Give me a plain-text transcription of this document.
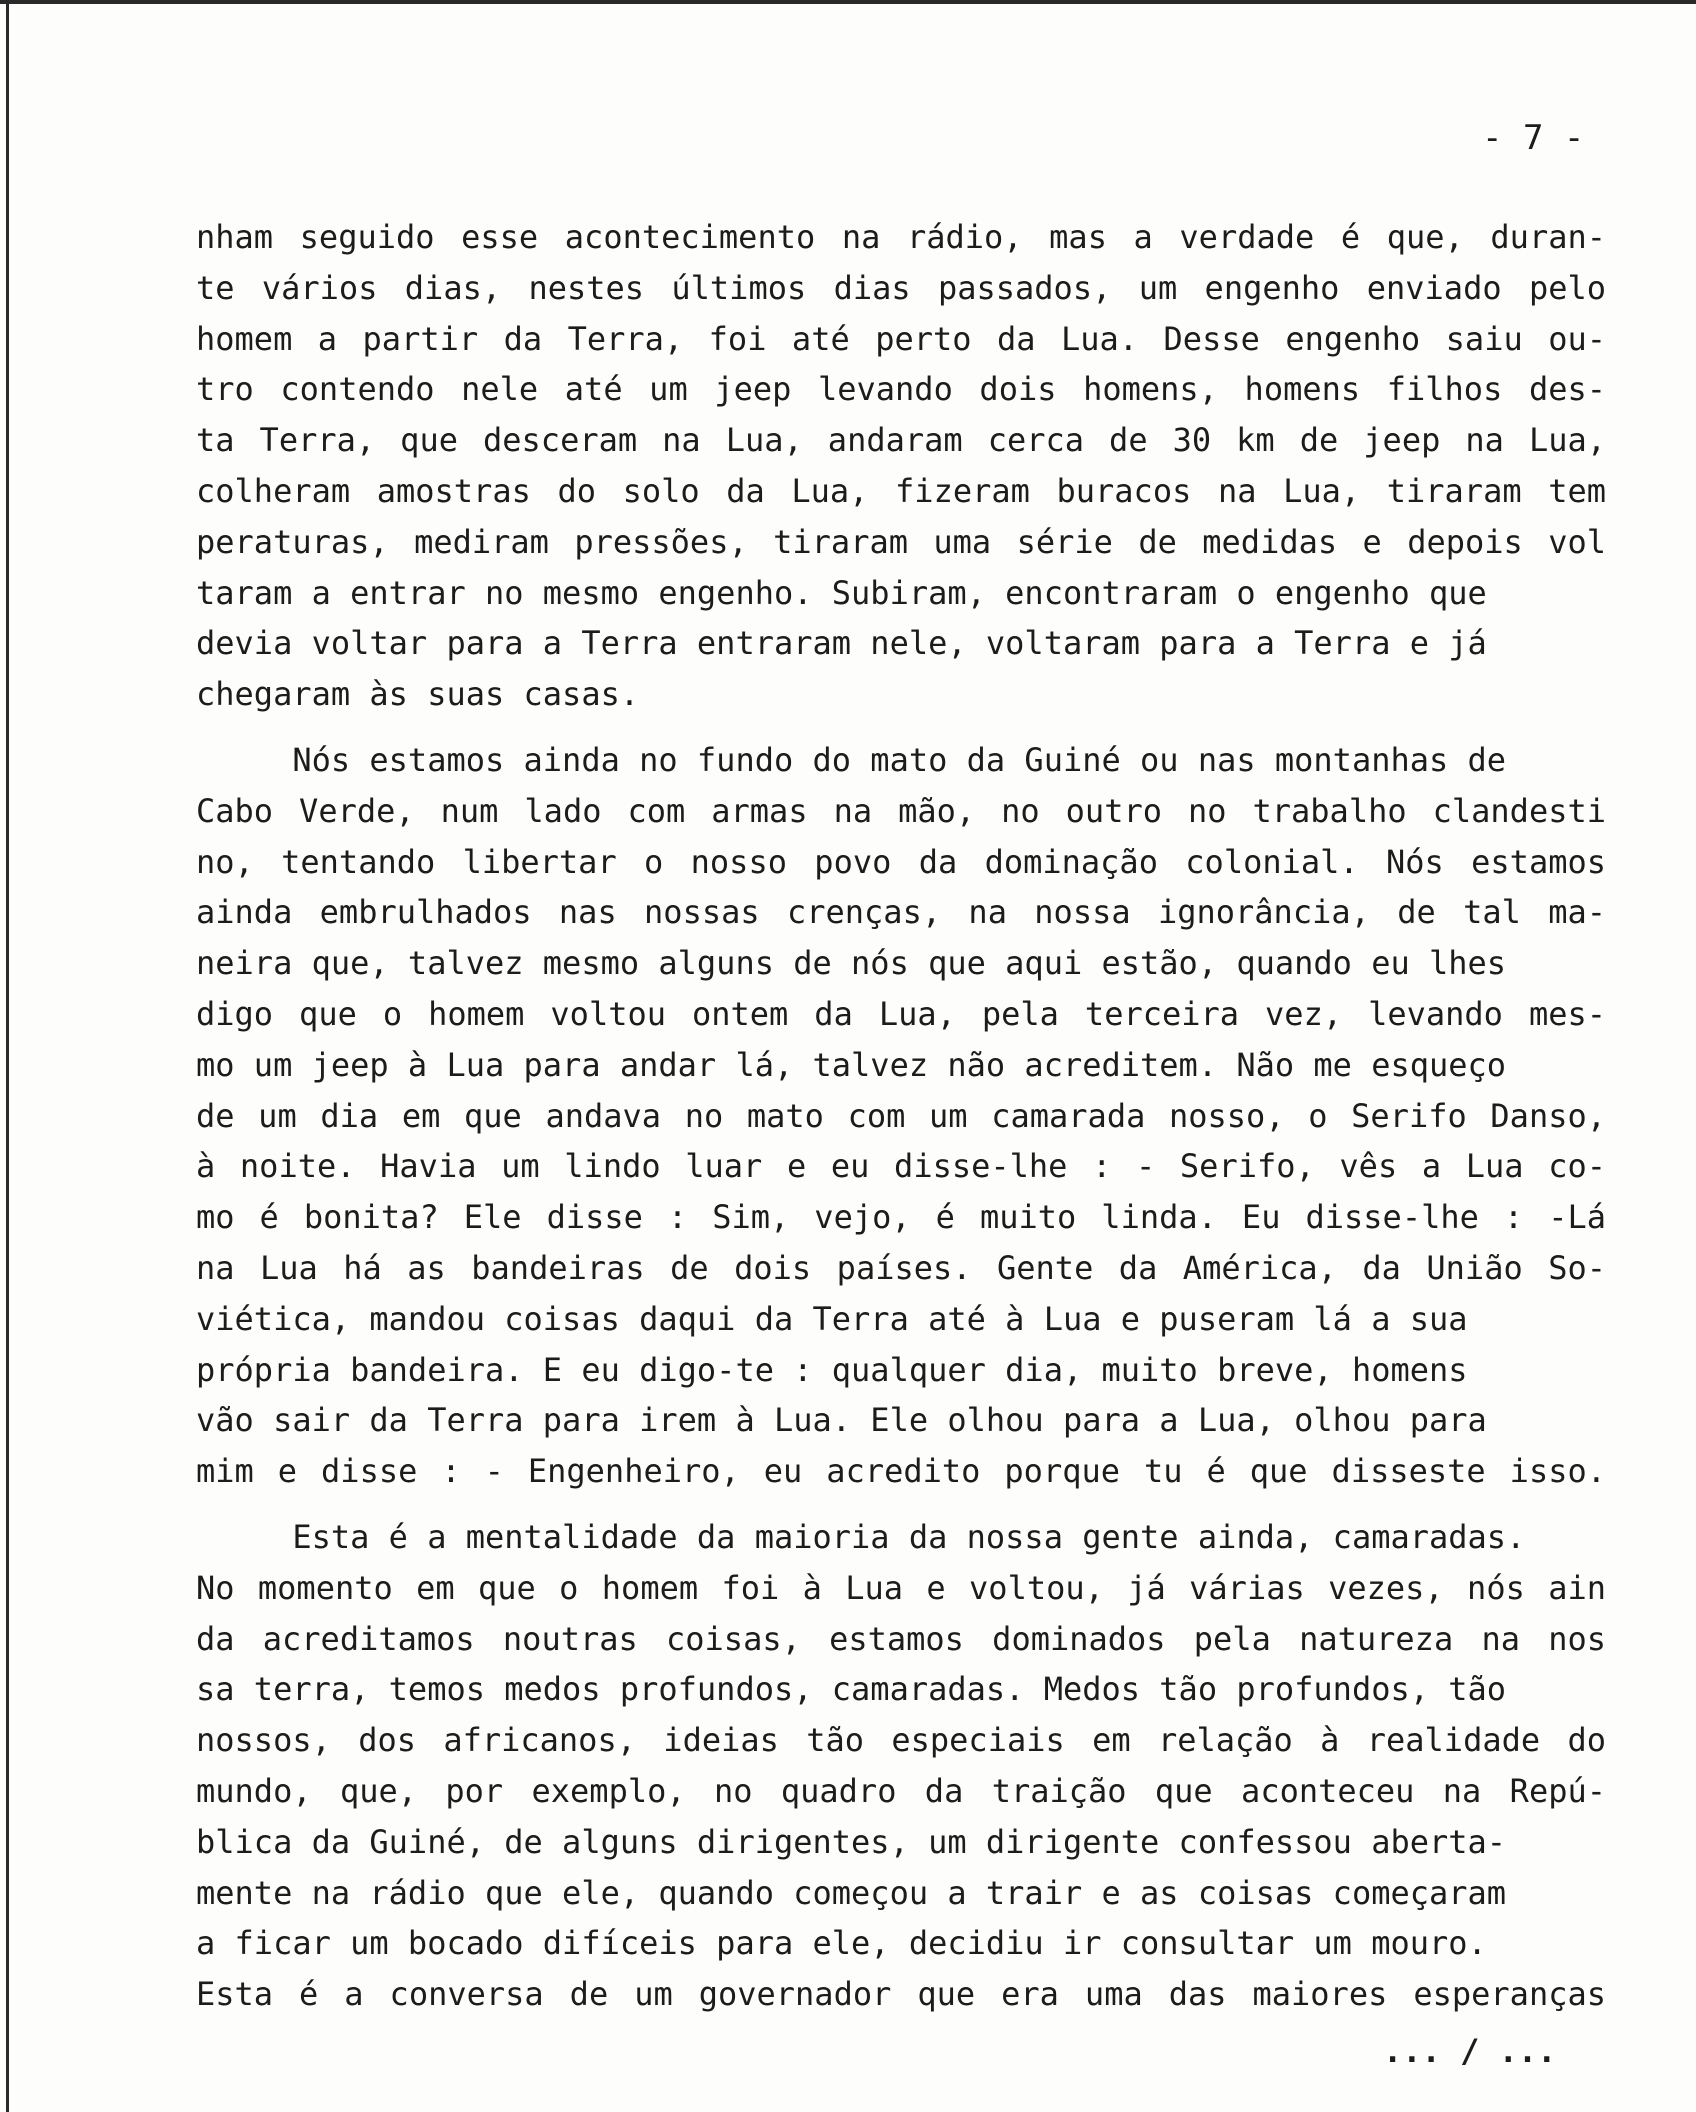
- 7 -
nham seguido esse acontecimento na rádio, mas a verdade é que, duran-
te vários dias, nestes últimos dias passados, um engenho enviado pelo
homem a partir da Terra, foi até perto da Lua. Desse engenho saiu ou-
tro contendo nele até um jeep levando dois homens, homens filhos des-
ta Terra, que desceram na Lua, andaram cerca de 30 km de jeep na Lua,
colheram amostras do solo da Lua, fizeram buracos na Lua, tiraram tem
peraturas, mediram pressões, tiraram uma série de medidas e depois vol
taram a entrar no mesmo engenho. Subiram, encontraram o engenho que
devia voltar para a Terra entraram nele, voltaram para a Terra e já
chegaram às suas casas.
Nós estamos ainda no fundo do mato da Guiné ou nas montanhas de
Cabo Verde, num lado com armas na mão, no outro no trabalho clandesti
no, tentando libertar o nosso povo da dominação colonial. Nós estamos
ainda embrulhados nas nossas crenças, na nossa ignorância, de tal ma-
neira que, talvez mesmo alguns de nós que aqui estão, quando eu lhes
digo que o homem voltou ontem da Lua, pela terceira vez, levando mes-
mo um jeep à Lua para andar lá, talvez não acreditem. Não me esqueço
de um dia em que andava no mato com um camarada nosso, o Serifo Danso,
à noite. Havia um lindo luar e eu disse-lhe : - Serifo, vês a Lua co-
mo é bonita? Ele disse : Sim, vejo, é muito linda. Eu disse-lhe : -Lá
na Lua há as bandeiras de dois países. Gente da América, da União So-
viética, mandou coisas daqui da Terra até à Lua e puseram lá a sua
própria bandeira. E eu digo-te : qualquer dia, muito breve, homens
vão sair da Terra para irem à Lua. Ele olhou para a Lua, olhou para
mim e disse : - Engenheiro, eu acredito porque tu é que disseste isso.
Esta é a mentalidade da maioria da nossa gente ainda, camaradas.
No momento em que o homem foi à Lua e voltou, já várias vezes, nós ain
da acreditamos noutras coisas, estamos dominados pela natureza na nos
sa terra, temos medos profundos, camaradas. Medos tão profundos, tão
nossos, dos africanos, ideias tão especiais em relação à realidade do
mundo, que, por exemplo, no quadro da traição que aconteceu na Repú-
blica da Guiné, de alguns dirigentes, um dirigente confessou aberta-
mente na rádio que ele, quando começou a trair e as coisas começaram
a ficar um bocado difíceis para ele, decidiu ir consultar um mouro.
Esta é a conversa de um governador que era uma das maiores esperanças
... / ...
